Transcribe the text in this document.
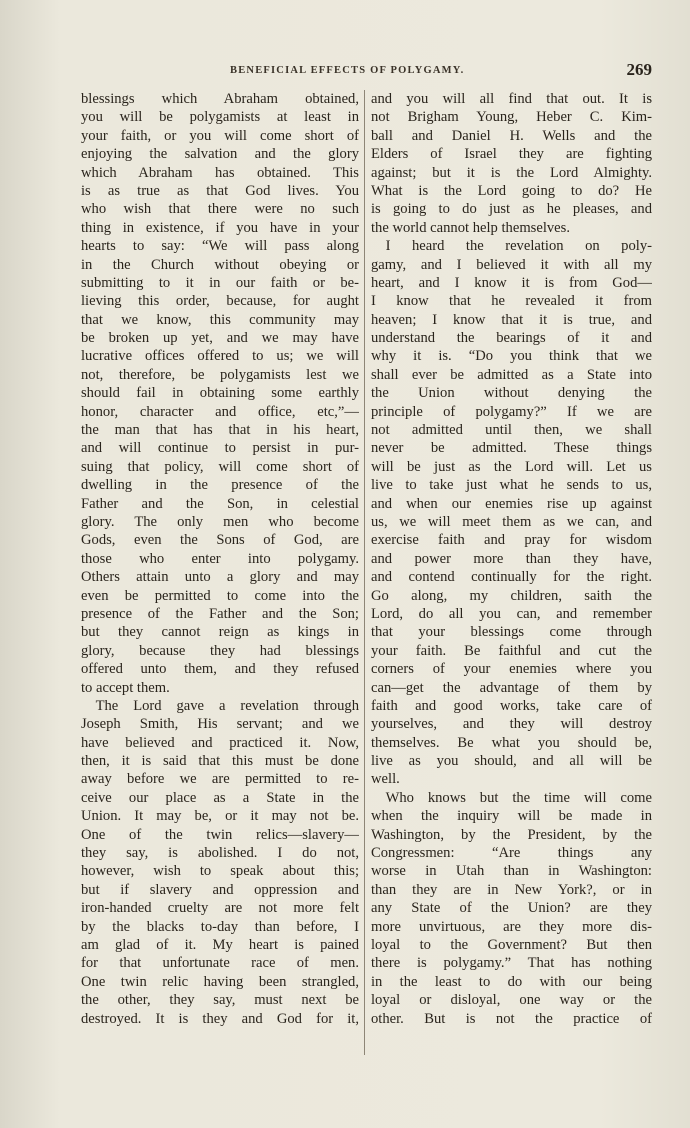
BENEFICIAL EFFECTS OF POLYGAMY.	269
blessings which Abraham obtained,
you will be polygamists at least in
your faith, or you will come short of
enjoying the salvation and the glory
which Abraham has obtained. This
is as true as that God lives. You
who wish that there were no such
thing in existence, if you have in your
hearts to say: “We will pass along
in the Church without obeying or
submitting to it in our faith or be-
lieving this order, because, for aught
that we know, this community may
be broken up yet, and we may have
lucrative offices offered to us; we will
not, therefore, be polygamists lest we
should fail in obtaining some earthly
honor, character and office, etc,”—
the man that has that in his heart,
and will continue to persist in pur-
suing that policy, will come short of
dwelling in the presence of the
Father and the Son, in celestial
glory. The only men who become
Gods, even the Sons of God, are
those who enter into polygamy.
Others attain unto a glory and may
even be permitted to come into the
presence of the Father and the Son;
but they cannot reign as kings in
glory, because they had blessings
offered unto them, and they refused
to accept them.
 The Lord gave a revelation through
Joseph Smith, His servant; and we
have believed and practiced it. Now,
then, it is said that this must be done
away before we are permitted to re-
ceive our place as a State in the
Union. It may be, or it may not be.
One of the twin relics—slavery—
they say, is abolished. I do not,
however, wish to speak about this;
but if slavery and oppression and
iron-handed cruelty are not more felt
by the blacks to-day than before, I
am glad of it. My heart is pained
for that unfortunate race of men.
One twin relic having been strangled,
the other, they say, must next be
destroyed. It is they and God for it,
and you will all find that out. It is
not Brigham Young, Heber C. Kim-
ball and Daniel H. Wells and the
Elders of Israel they are fighting
against; but it is the Lord Almighty.
What is the Lord going to do? He
is going to do just as he pleases, and
the world cannot help themselves.
 I heard the revelation on poly-
gamy, and I believed it with all my
heart, and I know it is from God—
I know that he revealed it from
heaven; I know that it is true, and
understand the bearings of it and
why it is. “Do you think that we
shall ever be admitted as a State into
the Union without denying the
principle of polygamy?” If we are
not admitted until then, we shall
never be admitted. These things
will be just as the Lord will. Let us
live to take just what he sends to us,
and when our enemies rise up against
us, we will meet them as we can, and
exercise faith and pray for wisdom
and power more than they have,
and contend continually for the right.
Go along, my children, saith the
Lord, do all you can, and remember
that your blessings come through
your faith. Be faithful and cut the
corners of your enemies where you
can—get the advantage of them by
faith and good works, take care of
yourselves, and they will destroy
themselves. Be what you should be,
live as you should, and all will be
well.
 Who knows but the time will come
when the inquiry will be made in
Washington, by the President, by the
Congressmen: “Are things any
worse in Utah than in Washington:
than they are in New York?, or in
any State of the Union? are they
more unvirtuous, are they more dis-
loyal to the Government? But then
there is polygamy.” That has nothing
in the least to do with our being
loyal or disloyal, one way or the
other. But is not the practice of
